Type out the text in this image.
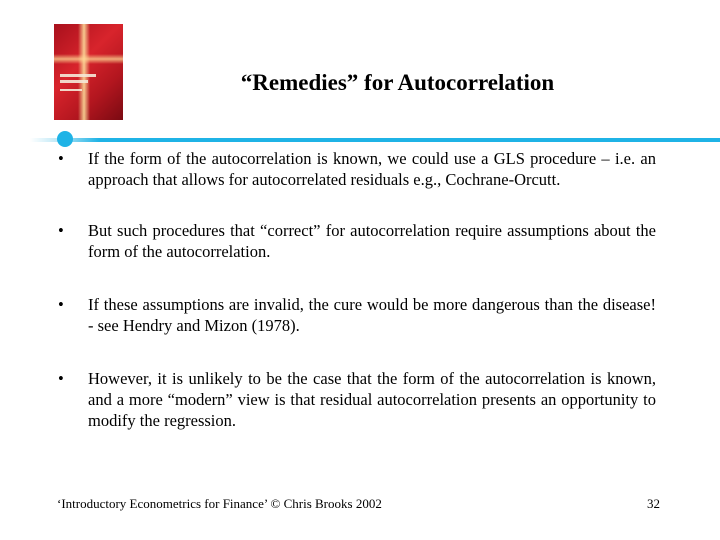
“Remedies” for Autocorrelation
• If the form of the autocorrelation is known, we could use a GLS procedure – i.e. an approach that allows for autocorrelated residuals e.g., Cochrane-Orcutt.
• But such procedures that “correct” for autocorrelation require assumptions about the form of the autocorrelation.
• If these assumptions are invalid, the cure would be more dangerous than the disease! - see Hendry and Mizon (1978).
• However, it is unlikely to be the case that the form of the autocorrelation is known, and a more “modern” view is that residual autocorrelation presents an opportunity to modify the regression.
‘Introductory Econometrics for Finance’ © Chris Brooks 2002	32
